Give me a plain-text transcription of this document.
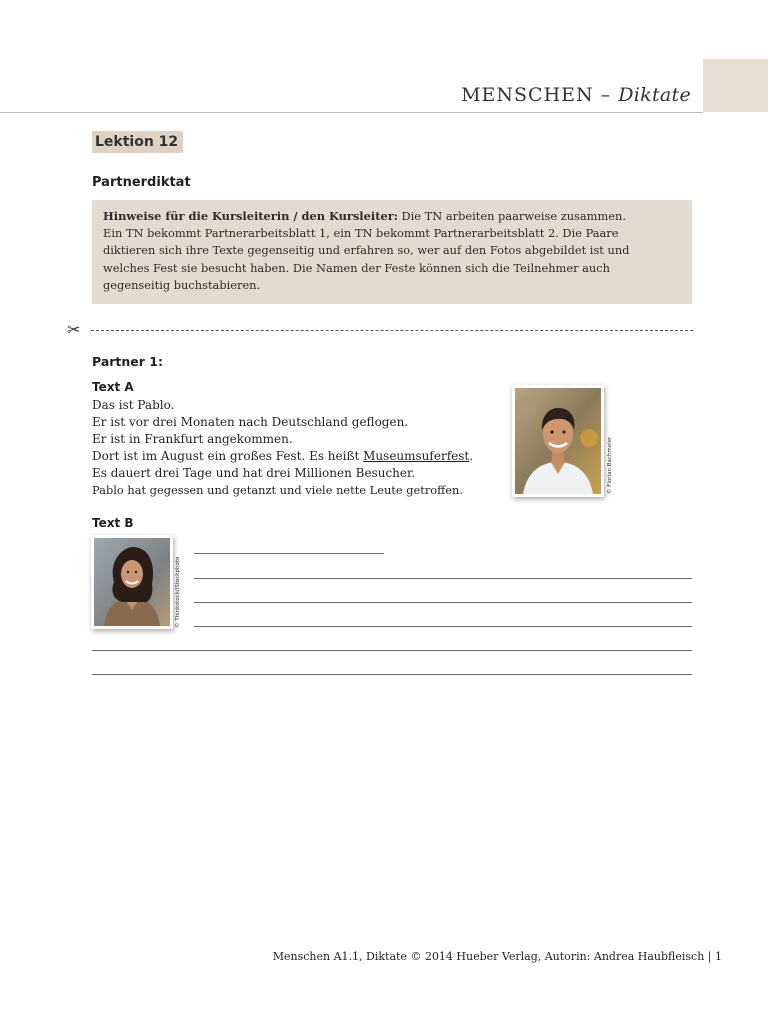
MENSCHEN – Diktate
Lektion 12
Partnerdiktat
Hinweise für die Kursleiterin / den Kursleiter: Die TN arbeiten paarweise zusammen.
Ein TN bekommt Partnerarbeitsblatt 1, ein TN bekommt Partnerarbeitsblatt 2. Die Paare
diktieren sich ihre Texte gegenseitig und erfahren so, wer auf den Fotos abgebildet ist und
welches Fest sie besucht haben. Die Namen der Feste können sich die Teilnehmer auch
gegenseitig buchstabieren.
✂
Partner 1:
Text A
Das ist Pablo.
Er ist vor drei Monaten nach Deutschland geflogen.
Er ist in Frankfurt angekommen.
Dort ist im August ein großes Fest. Es heißt Museumsuferfest.
Es dauert drei Tage und hat drei Millionen Besucher.
Pablo hat gegessen und getanzt und viele nette Leute getroffen.	© Florian Bachmeier
Text B
© Thinkstock/iStockphoto
Menschen A1.1, Diktate © 2014 Hueber Verlag, Autorin: Andrea Haubfleisch | 1
